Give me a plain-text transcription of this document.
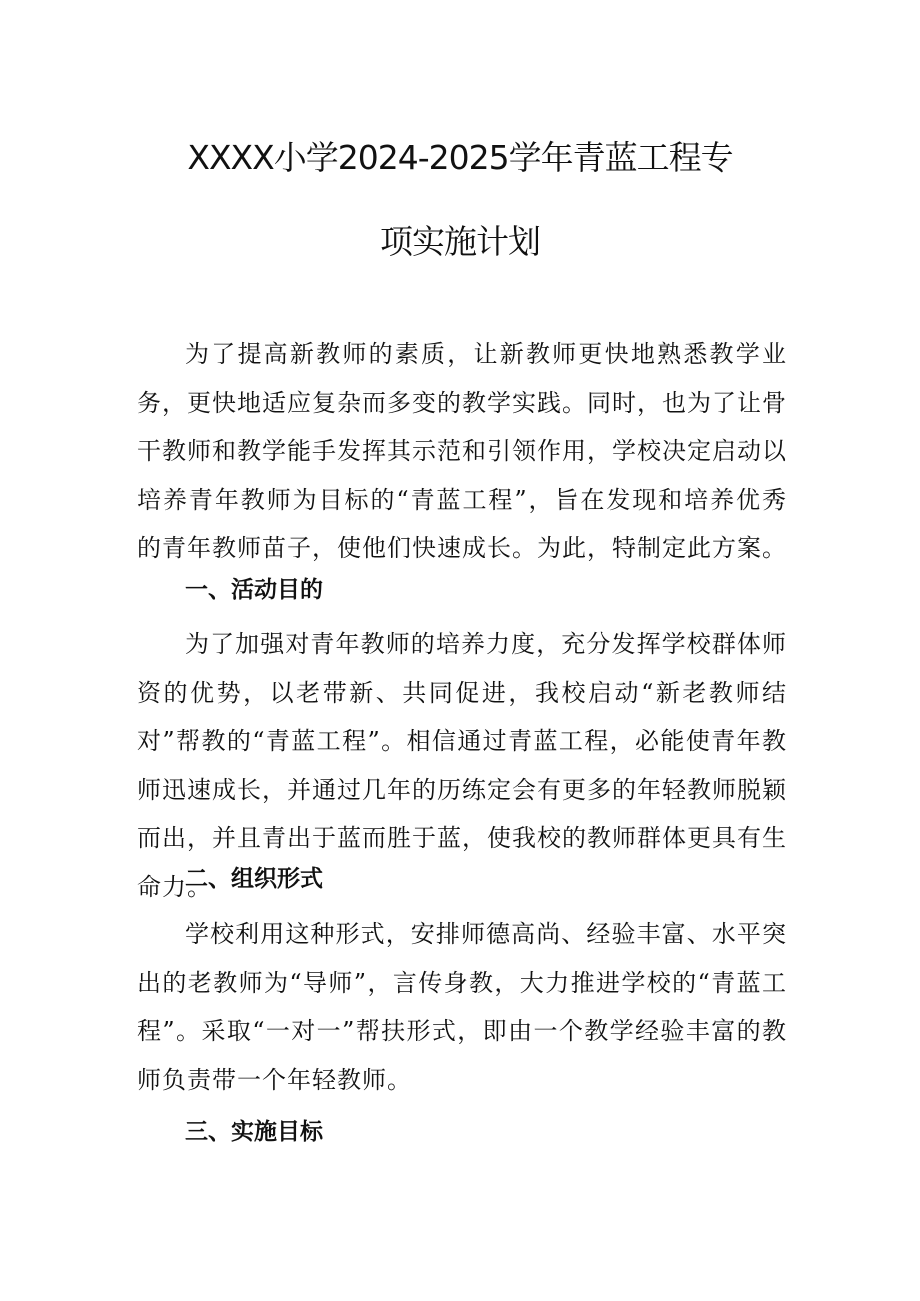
XXXX小学2024-2025学年青蓝工程专
项实施计划

为了提高新教师的素质，让新教师更快地熟悉教学业务，更快地适应复杂而多变的教学实践。同时，也为了让骨干教师和教学能手发挥其示范和引领作用，学校决定启动以培养青年教师为目标的“青蓝工程”，旨在发现和培养优秀的青年教师苗子，使他们快速成长。为此，特制定此方案。

一、活动目的

为了加强对青年教师的培养力度，充分发挥学校群体师资的优势，以老带新、共同促进，我校启动“新老教师结对”帮教的“青蓝工程”。相信通过青蓝工程，必能使青年教师迅速成长，并通过几年的历练定会有更多的年轻教师脱颖而出，并且青出于蓝而胜于蓝，使我校的教师群体更具有生命力。

二、组织形式

学校利用这种形式，安排师德高尚、经验丰富、水平突出的老教师为“导师”，言传身教，大力推进学校的“青蓝工程”。采取“一对一”帮扶形式，即由一个教学经验丰富的教师负责带一个年轻教师。

三、实施目标
